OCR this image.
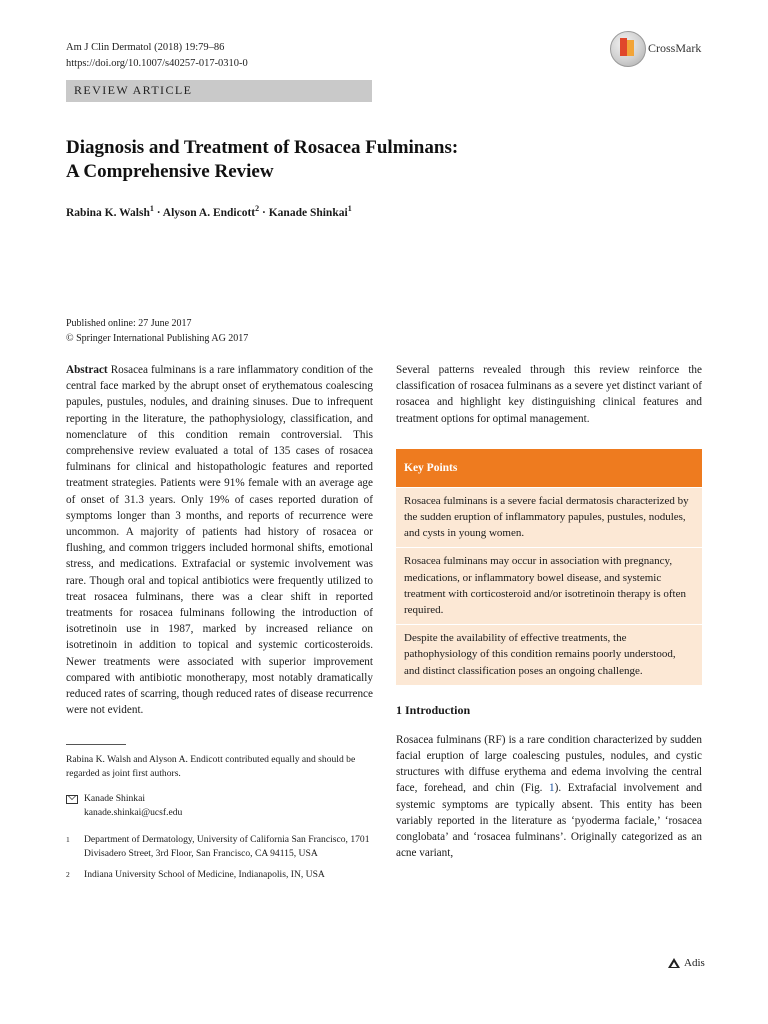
Am J Clin Dermatol (2018) 19:79–86
https://doi.org/10.1007/s40257-017-0310-0
CrossMark
REVIEW ARTICLE
Diagnosis and Treatment of Rosacea Fulminans:
A Comprehensive Review
Rabina K. Walsh$^1$ · Alyson A. Endicott$^2$ · Kanade Shinkai$^1$
Published online: 27 June 2017
© Springer International Publishing AG 2017

Abstract Rosacea fulminans is a rare inflammatory condition of the central face marked by the abrupt onset of erythematous coalescing papules, pustules, nodules, and draining sinuses. Due to infrequent reporting in the literature, the pathophysiology, classification, and nomenclature of this condition remain controversial. This comprehensive review evaluated a total of 135 cases of rosacea fulminans for clinical and histopathologic features and reported treatment strategies. Patients were 91% female with an average age of onset of 31.3 years. Only 19% of cases reported duration of symptoms longer than 3 months, and reports of recurrence were uncommon. A majority of patients had history of rosacea or flushing, and common triggers included hormonal shifts, emotional stress, and medications. Extrafacial or systemic involvement was rare. Though oral and topical antibiotics were frequently utilized to treat rosacea fulminans, there was a clear shift in reported treatments for rosacea fulminans following the introduction of isotretinoin use in 1987, marked by increased reliance on isotretinoin in addition to topical and systemic corticosteroids. Newer treatments were associated with superior improvement compared with antibiotic monotherapy, most notably dramatically reduced rates of scarring, though reduced rates of disease recurrence were not evident.

Rabina K. Walsh and Alyson A. Endicott contributed equally and should be regarded as joint first authors.

Kanade Shinkai
kanade.shinkai@ucsf.edu
1	Department of Dermatology, University of California San Francisco, 1701 Divisadero Street, 3rd Floor, San Francisco, CA 94115, USA
2	Indiana University School of Medicine, Indianapolis, IN, USA

Several patterns revealed through this review reinforce the classification of rosacea fulminans as a severe yet distinct variant of rosacea and highlight key distinguishing clinical features and treatment options for optimal management.

Key Points
Rosacea fulminans is a severe facial dermatosis characterized by the sudden eruption of inflammatory papules, pustules, nodules, and cysts in young women.
Rosacea fulminans may occur in association with pregnancy, medications, or inflammatory bowel disease, and systemic treatment with corticosteroid and/or isotretinoin therapy is often required.
Despite the availability of effective treatments, the pathophysiology of this condition remains poorly understood, and distinct classification poses an ongoing challenge.
1 Introduction

Rosacea fulminans (RF) is a rare condition characterized by sudden facial eruption of large coalescing pustules, nodules, and cystic structures with diffuse erythema and edema involving the central face, forehead, and chin (Fig. 1). Extrafacial involvement and systemic symptoms are typically absent. This entity has been variably reported in the literature as ‘pyoderma faciale,’ ‘rosacea conglobata’ and ‘rosacea fulminans’. Originally categorized as an acne variant,

Adis
